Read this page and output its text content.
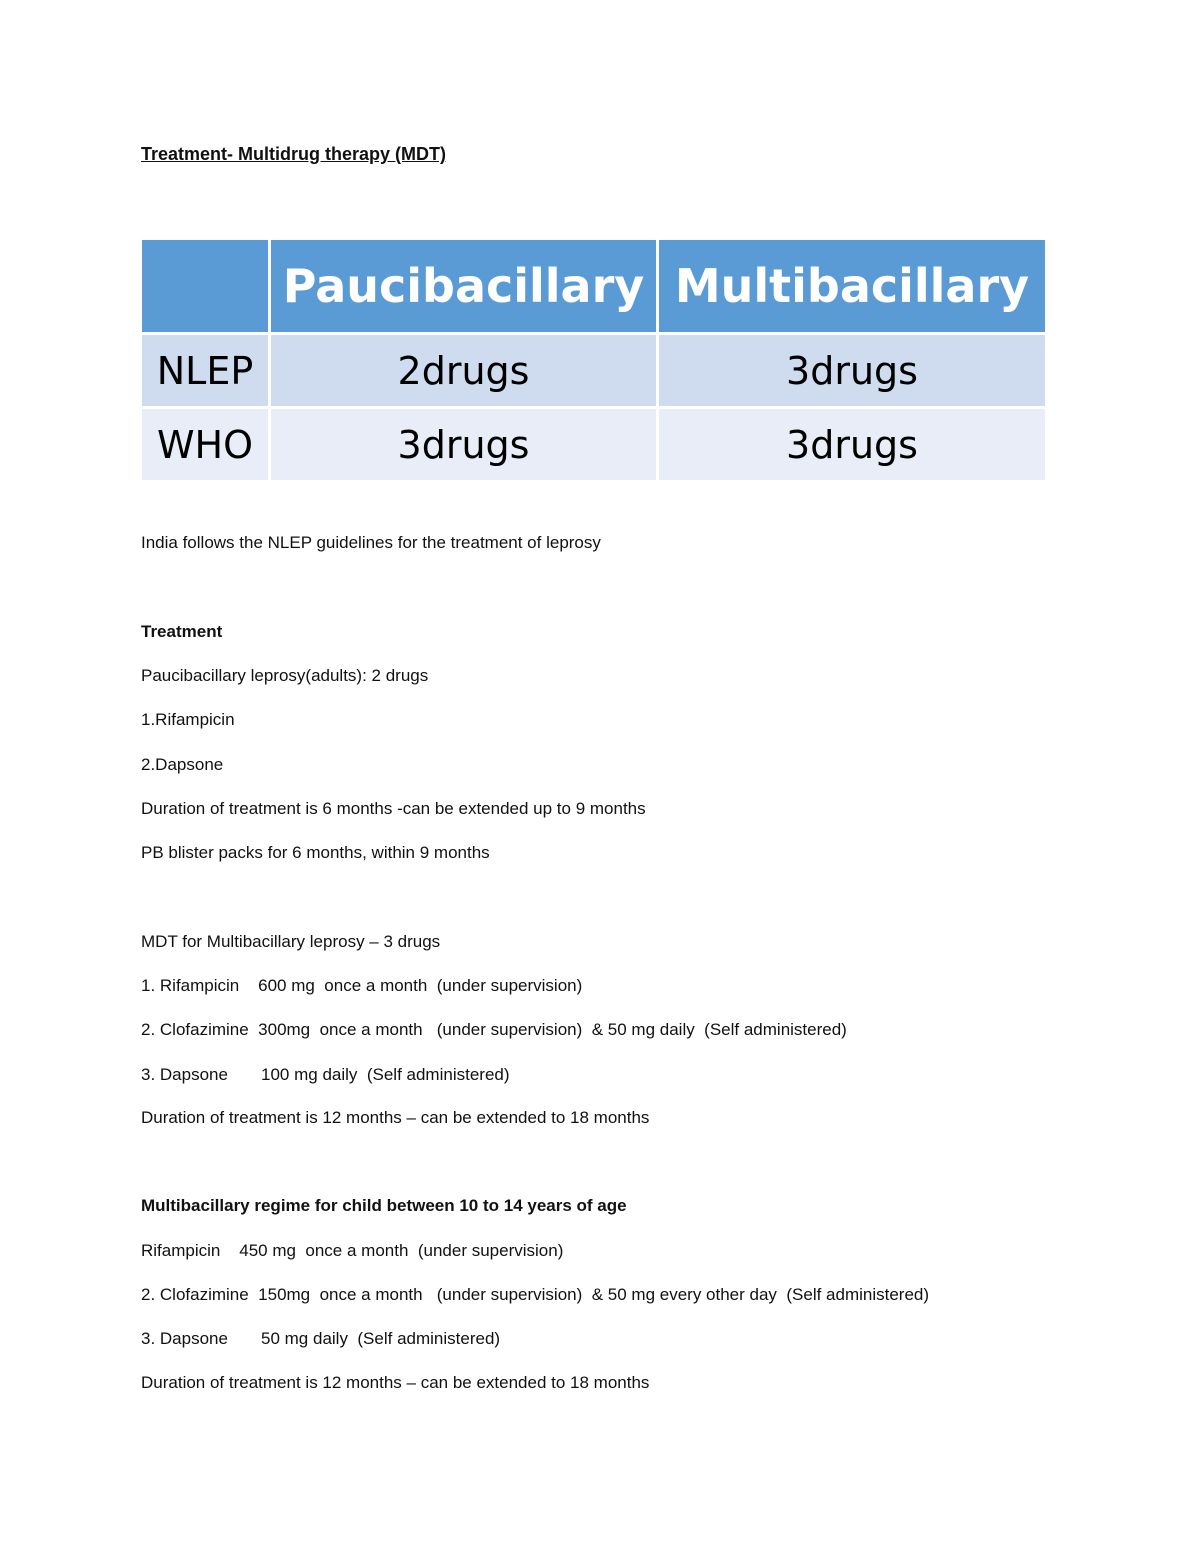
Treatment- Multidrug therapy (MDT)
	Paucibacillary	Multibacillary
NLEP	2drugs	3drugs
WHO	3drugs	3drugs
India follows the NLEP guidelines for the treatment of leprosy
Treatment
Paucibacillary leprosy(adults): 2 drugs
1.Rifampicin
2.Dapsone
Duration of treatment is 6 months -can be extended up to 9 months
PB blister packs for 6 months, within 9 months
MDT for Multibacillary leprosy – 3 drugs
1. Rifampicin    600 mg  once a month  (under supervision)
2. Clofazimine  300mg  once a month   (under supervision)  & 50 mg daily  (Self administered)
3. Dapsone       100 mg daily  (Self administered)
Duration of treatment is 12 months – can be extended to 18 months
Multibacillary regime for child between 10 to 14 years of age
Rifampicin    450 mg  once a month  (under supervision)
2. Clofazimine  150mg  once a month   (under supervision)  & 50 mg every other day  (Self administered)
3. Dapsone       50 mg daily  (Self administered)
Duration of treatment is 12 months – can be extended to 18 months
